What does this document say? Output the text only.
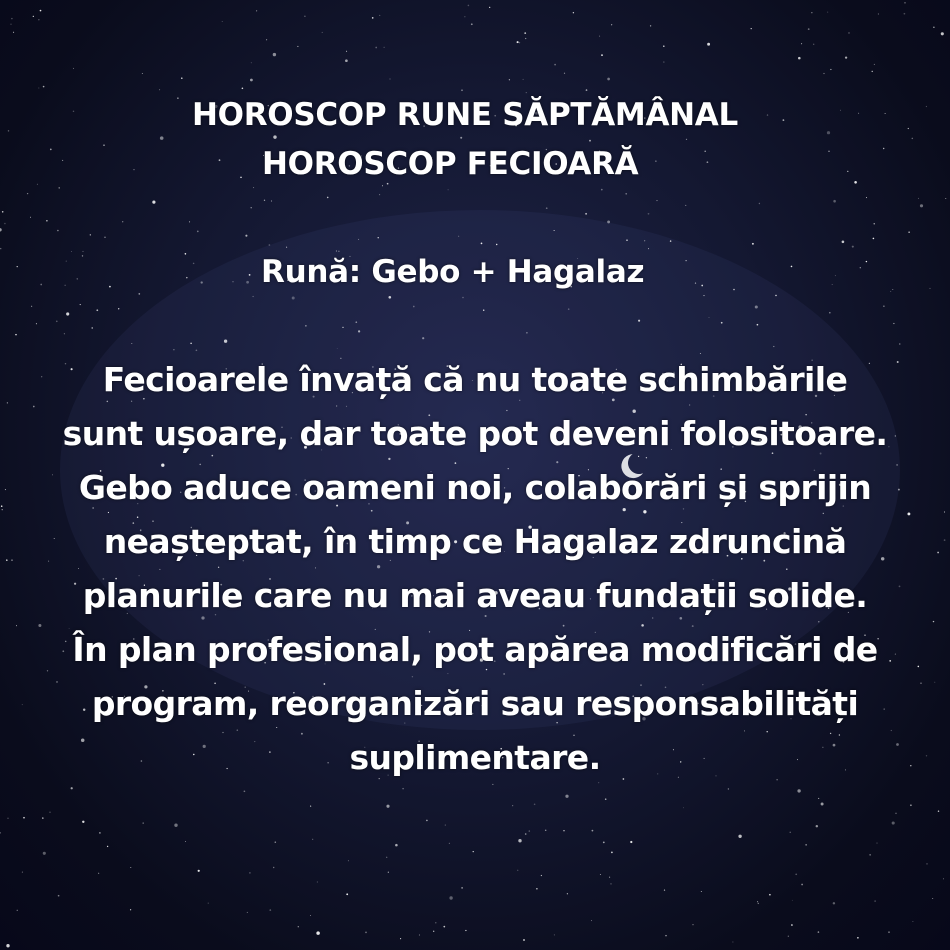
HOROSCOP RUNE SĂPTĂMÂNAL
HOROSCOP FECIOARĂ
Rună: Gebo + Hagalaz
Fecioarele învață că nu toate schimbările
sunt ușoare, dar toate pot deveni folositoare.
Gebo aduce oameni noi, colaborări și sprijin
neașteptat, în timp ce Hagalaz zdruncină
planurile care nu mai aveau fundații solide.
În plan profesional, pot apărea modificări de
program, reorganizări sau responsabilități
suplimentare.
